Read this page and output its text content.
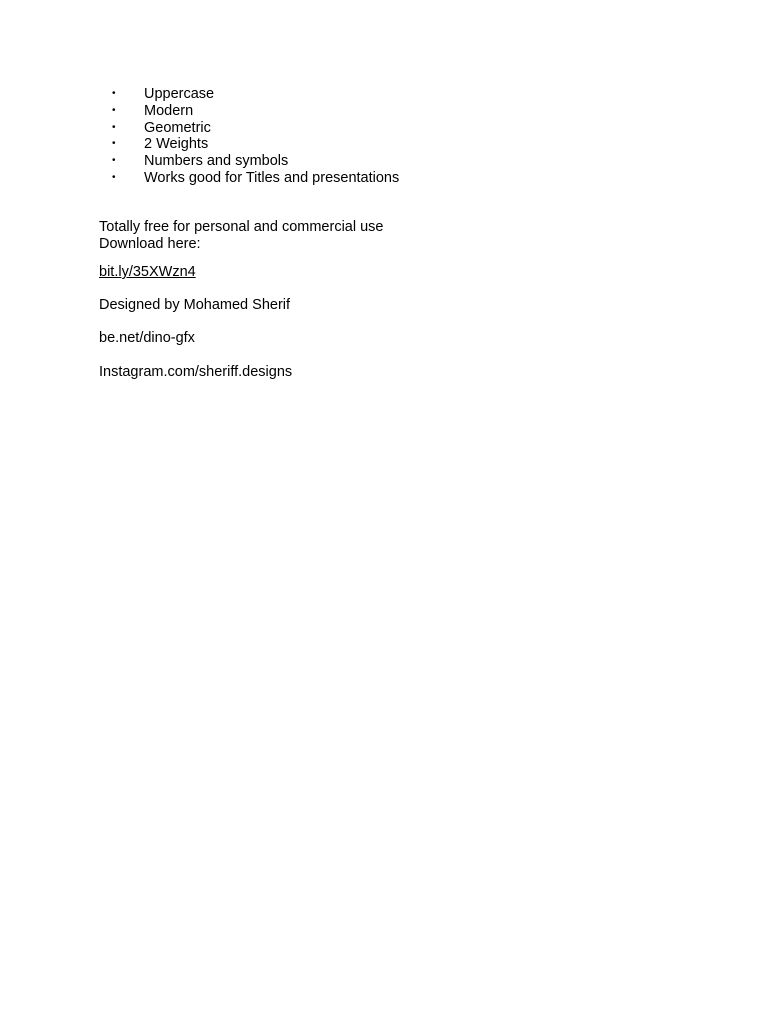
•	Uppercase
•	Modern
•	Geometric
•	2 Weights
•	Numbers and symbols
•	Works good for Titles and presentations
Totally free for personal and commercial use
Download here:
bit.ly/35XWzn4
Designed by Mohamed Sherif
be.net/dino-gfx
Instagram.com/sheriff.designs
